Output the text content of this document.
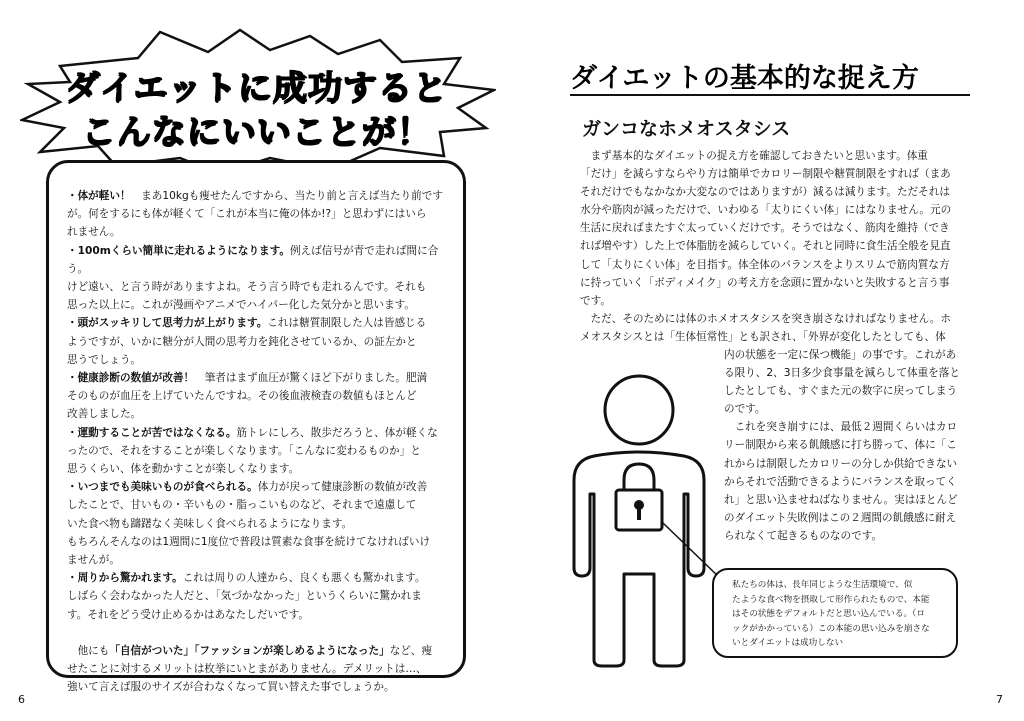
ダイエットに成功すると
こんなにいいことが！

・体が軽い！　 まあ10kgも痩せたんですから、当たり前と言えば当たり前です

が。何をするにも体が軽くて「これが本当に俺の体か!?」と思わずにはいら

れません。

・100mくらい簡単に走れるようになります。例えば信号が青で走れば間に合う。

けど遠い、と言う時がありますよね。そう言う時でも走れるんです。それも

思った以上に。これが漫画やアニメでハイパー化した気分かと思います。

・頭がスッキリして思考力が上がります。これは糖質制限した人は皆感じる

ようですが、いかに糖分が人間の思考力を鈍化させているか、の証左かと

思うでしょう。

・健康診断の数値が改善！　 筆者はまず血圧が驚くほど下がりました。肥満

そのものが血圧を上げていたんですね。その後血液検査の数値もほとんど

改善しました。

・運動することが苦ではなくなる。筋トレにしろ、散歩だろうと、体が軽くな

ったので、それをすることが楽しくなります。「こんなに変わるものか」と

思うくらい、体を動かすことが楽しくなります。

・いつまでも美味いものが食べられる。体力が戻って健康診断の数値が改善

したことで、甘いもの・辛いもの・脂っこいものなど、それまで遠慮して

いた食べ物も躊躇なく美味しく食べられるようになります。

もちろんそんなのは1週間に1度位で普段は質素な食事を続けてなければいけ

ませんが。

・周りから驚かれます。これは周りの人達から、良くも悪くも驚かれます。

しばらく会わなかった人だと、「気づかなかった」というくらいに驚かれま

す。それをどう受け止めるかはあなたしだいです。

　他にも「自信がついた」「ファッションが楽しめるようになった」など、痩

せたことに対するメリットは枚挙にいとまがありません。デメリットは…、

強いて言えば服のサイズが合わなくなって買い替えた事でしょうか。

6
ダイエットの基本的な捉え方
ガンコなホメオスタシス

　まず基本的なダイエットの捉え方を確認しておきたいと思います。体重

「だけ」を減らすならやり方は簡単でカロリー制限や糖質制限をすれば（まあ

それだけでもなかなか大変なのではありますが）減るは減ります。ただそれは

水分や筋肉が減っただけで、いわゆる「太りにくい体」にはなりません。元の

生活に戻ればまたすぐ太っていくだけです。そうではなく、筋肉を維持（でき

れば増やす）した上で体脂肪を減らしていく。それと同時に食生活全般を見直

して「太りにくい体」を目指す。体全体のバランスをよりスリムで筋肉質な方

に持っていく「ボディメイク」の考え方を念頭に置かないと失敗すると言う事

です。

　ただ、そのためには体のホメオスタシスを突き崩さなければなりません。ホ

メオスタシスとは「生体恒常性」とも訳され、「外界が変化したとしても、体

内の状態を一定に保つ機能」の事です。これがあ

る限り、2、3日多少食事量を減らして体重を落と

したとしても、すぐまた元の数字に戻ってしまう

のです。

　これを突き崩すには、最低２週間くらいはカロ

リー制限から来る飢餓感に打ち勝って、体に「こ

れからは制限したカロリーの分しか供給できない

からそれで活動できるようにバランスを取ってく

れ」と思い込ませねばなりません。実はほとんど

のダイエット失敗例はこの２週間の飢餓感に耐え

られなくて起きるものなのです。

私たちの体は、長年同じような生活環境で、似
たような食べ物を摂取して形作られたもので、本能
はその状態をデフォルトだと思い込んでいる。（ロ
ックがかかっている）この本能の思い込みを崩さな
いとダイエットは成功しない
7
